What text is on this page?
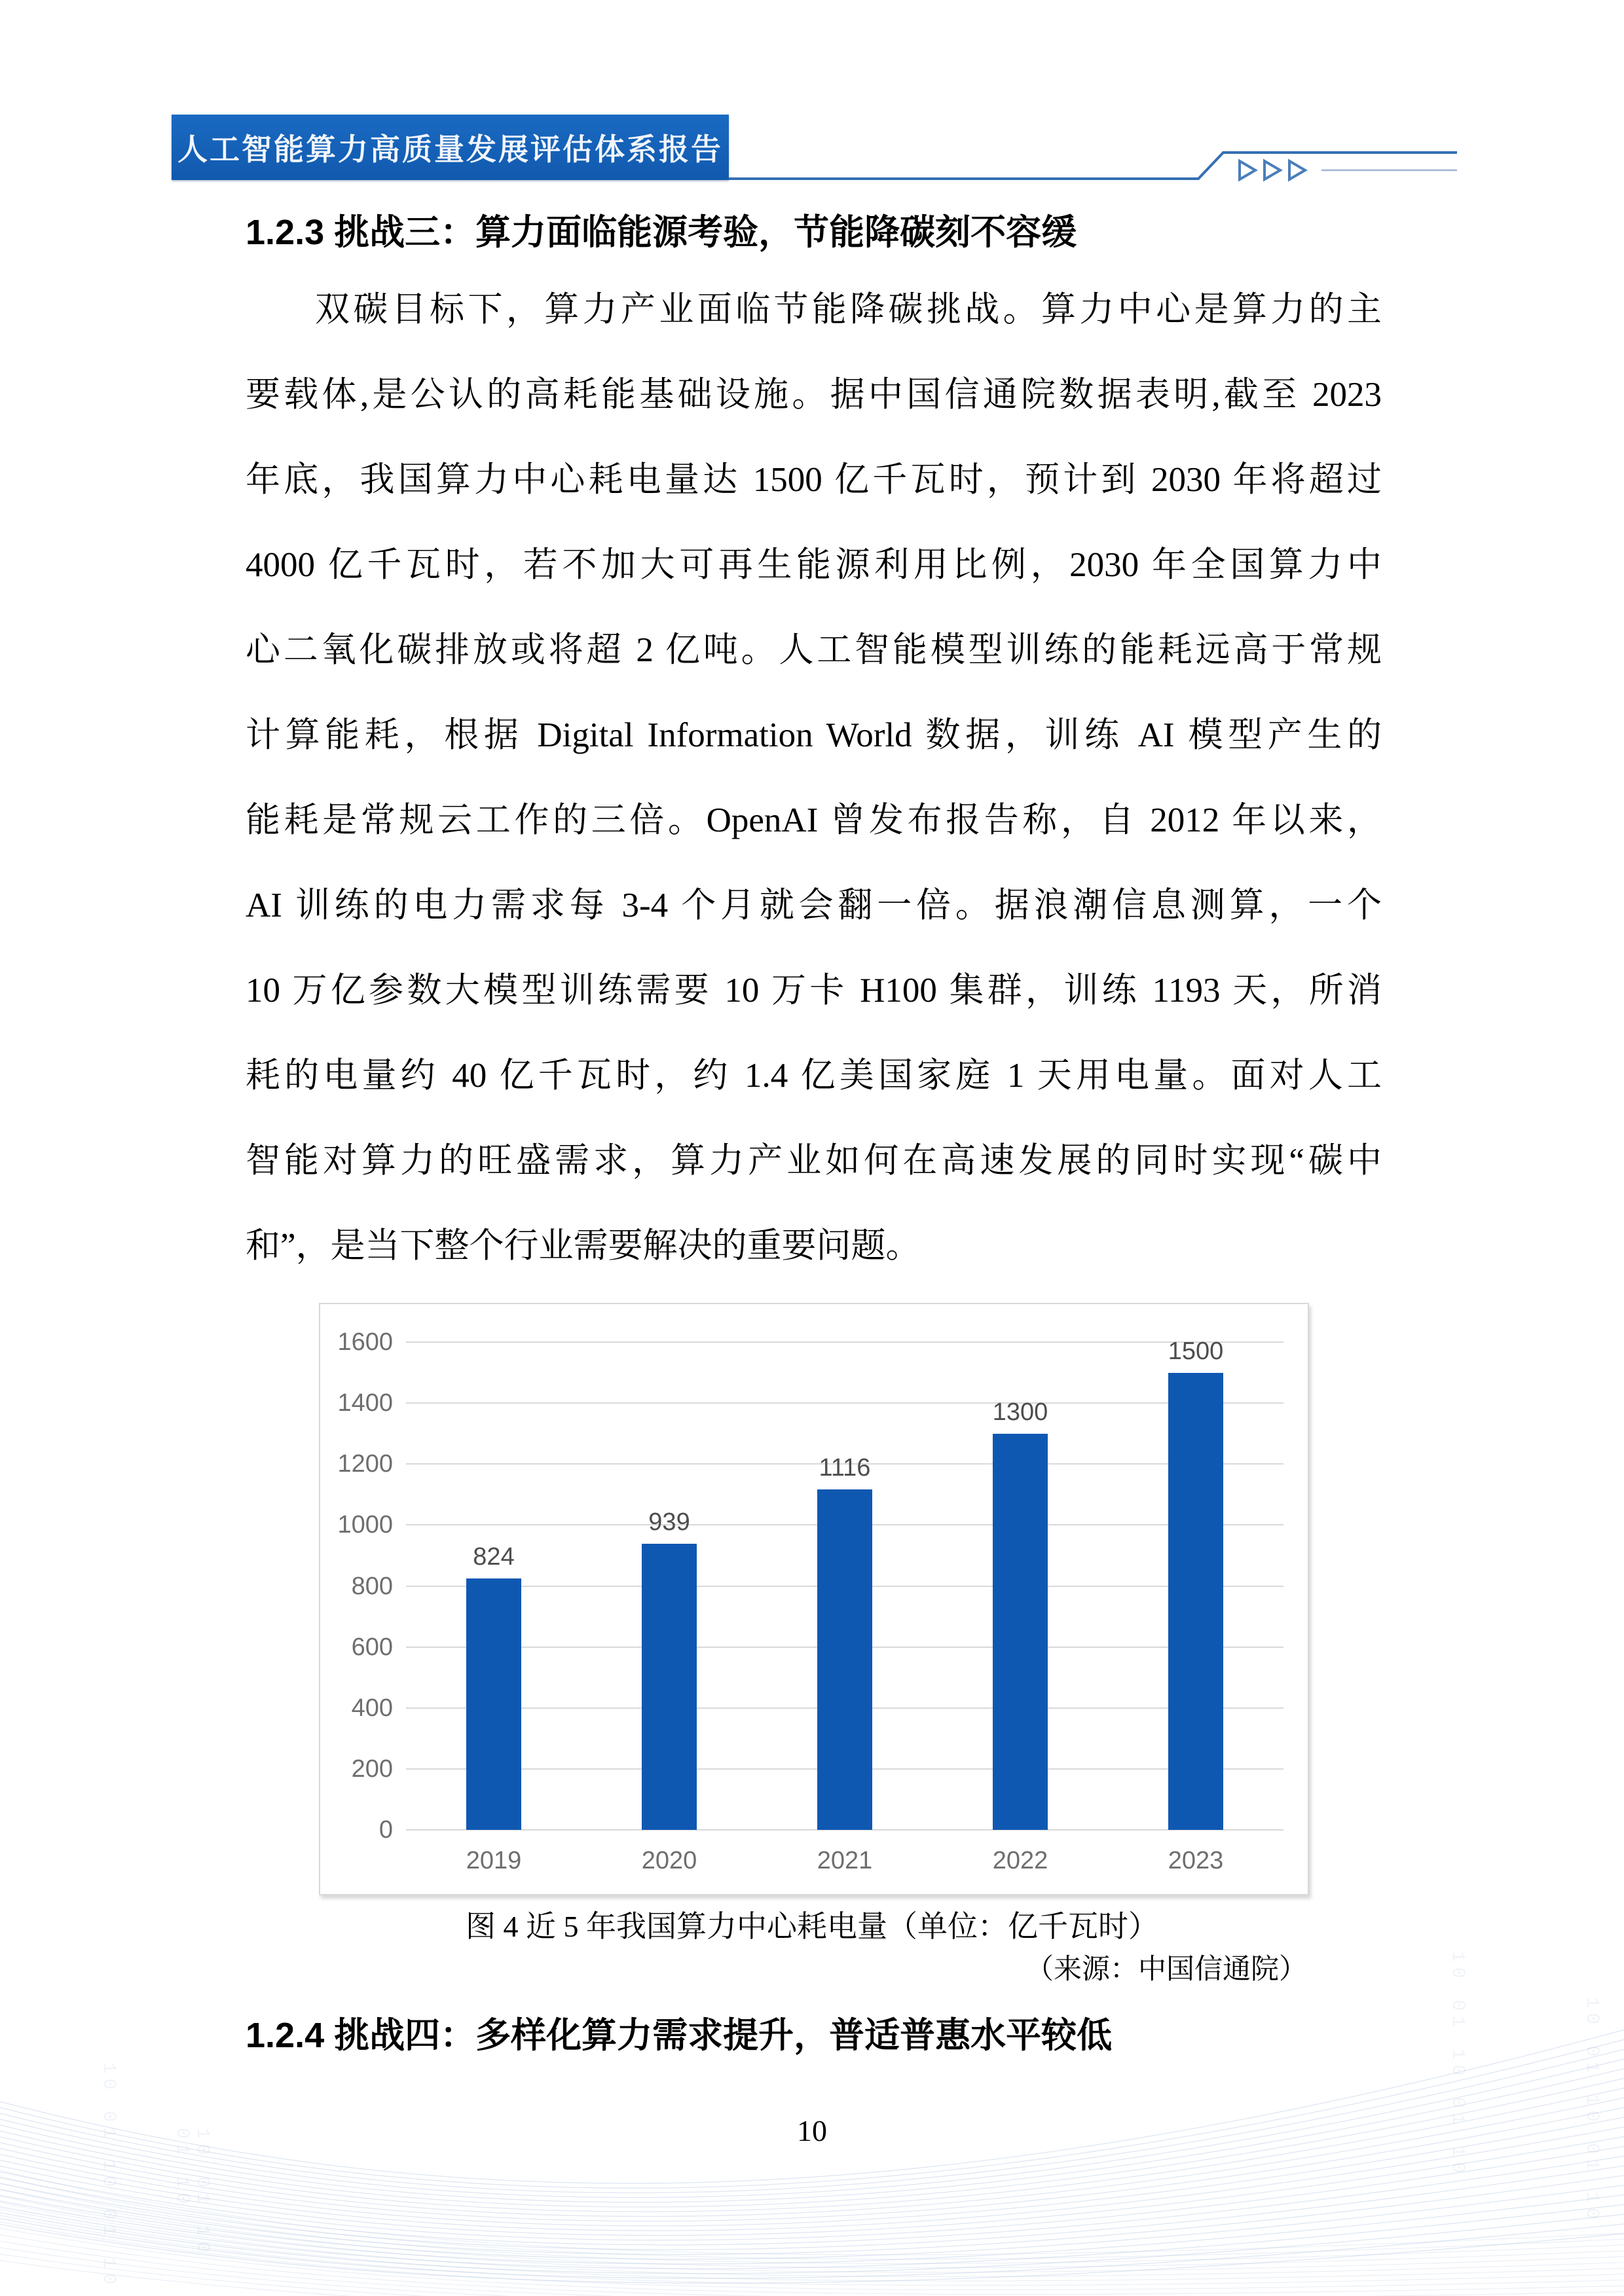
人工智能算力高质量发展评估体系报告
1.2.3 挑战三：算力面临能源考验，节能降碳刻不容缓
双碳目标下，算力产业面临节能降碳挑战。算力中心是算力的主
要载体,是公认的高耗能基础设施。据中国信通院数据表明,截至 2023
年底，我国算力中心耗电量达 1500 亿千瓦时，预计到 2030 年将超过
4000 亿千瓦时，若不加大可再生能源利用比例，2030 年全国算力中
心二氧化碳排放或将超 2 亿吨。人工智能模型训练的能耗远高于常规
计算能耗，根据 Digital Information World 数据，训练 AI 模型产生的
能耗是常规云工作的三倍。OpenAI 曾发布报告称，自 2012 年以来，
AI 训练的电力需求每 3-4 个月就会翻一倍。据浪潮信息测算，一个
10 万亿参数大模型训练需要 10 万卡 H100 集群，训练 1193 天，所消
耗的电量约 40 亿千瓦时，约 1.4 亿美国家庭 1 天用电量。面对人工
智能对算力的旺盛需求，算力产业如何在高速发展的同时实现“碳中
和”，是当下整个行业需要解决的重要问题。
0
200
400
600
800
1000
1200
1400
1600
824
2019
939
2020
1116
2021
1300
2022
1500
2023
图 4 近 5 年我国算力中心耗电量（单位：亿千瓦时）
（来源：中国信通院）
1.2.4 挑战四：多样化算力需求提升，普适普惠水平较低
10
10 01 10 01 10	10 01 10 01 10	10 01 10 01 10	10 01 10 01 10
